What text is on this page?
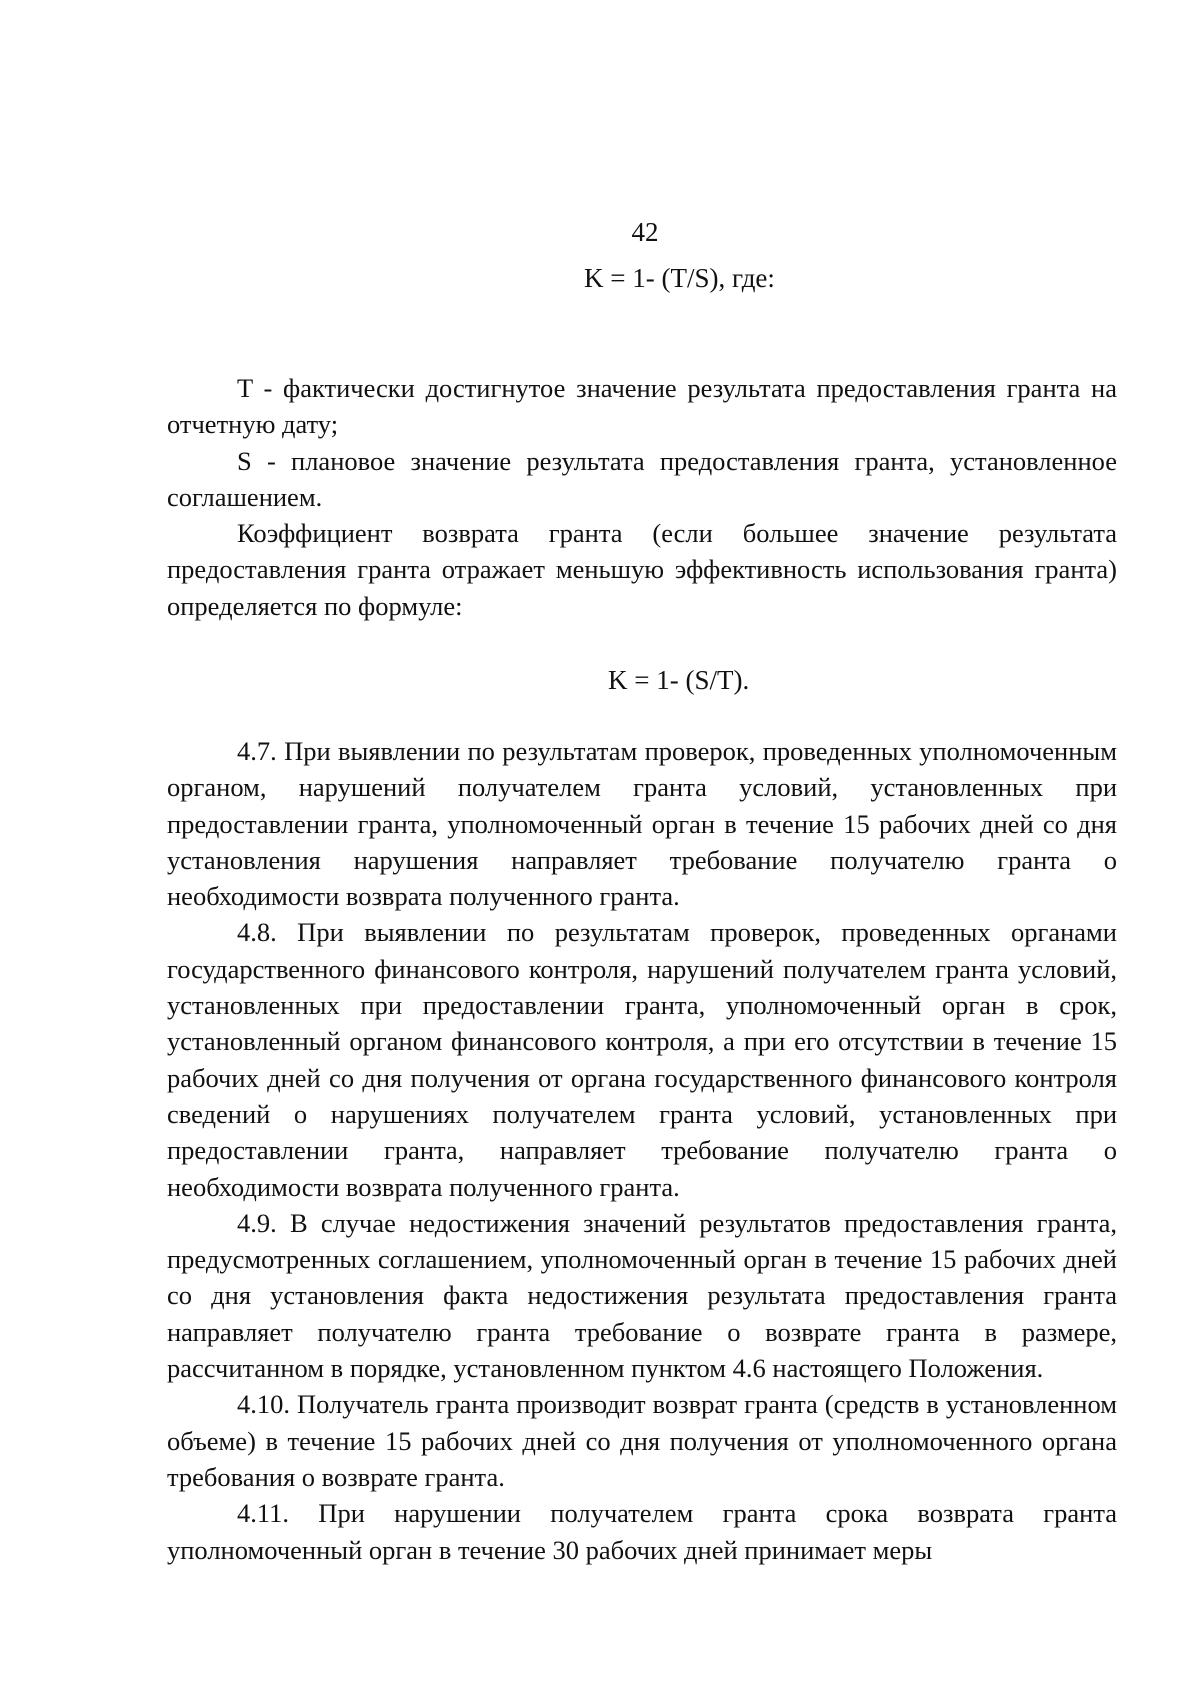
42
K = 1- (T/S), где:

T - фактически достигнутое значение результата предоставления гранта на отчетную дату;

S - плановое значение результата предоставления гранта, установленное соглашением.

Коэффициент возврата гранта (если большее значение результата предоставления гранта отражает меньшую эффективность использования гранта) определяется по формуле:

K = 1- (S/T).

4.7. При выявлении по результатам проверок, проведенных уполномоченным органом, нарушений получателем гранта условий, установленных при предоставлении гранта, уполномоченный орган в течение 15 рабочих дней со дня установления нарушения направляет требование получателю гранта о необходимости возврата полученного гранта.

4.8. При выявлении по результатам проверок, проведенных органами государственного финансового контроля, нарушений получателем гранта условий, установленных при предоставлении гранта, уполномоченный орган в срок, установленный органом финансового контроля, а при его отсутствии в течение 15 рабочих дней со дня получения от органа государственного финансового контроля сведений о нарушениях получателем гранта условий, установленных при предоставлении гранта, направляет требование получателю гранта о необходимости возврата полученного гранта.

4.9. В случае недостижения значений результатов предоставления гранта, предусмотренных соглашением, уполномоченный орган в течение 15 рабочих дней со дня установления факта недостижения результата предоставления гранта направляет получателю гранта требование о возврате гранта в размере, рассчитанном в порядке, установленном пунктом 4.6 настоящего Положения.

4.10. Получатель гранта производит возврат гранта (средств в установленном объеме) в течение 15 рабочих дней со дня получения от уполномоченного органа требования о возврате гранта.

4.11. При нарушении получателем гранта срока возврата гранта уполномоченный орган в течение 30 рабочих дней принимает меры
